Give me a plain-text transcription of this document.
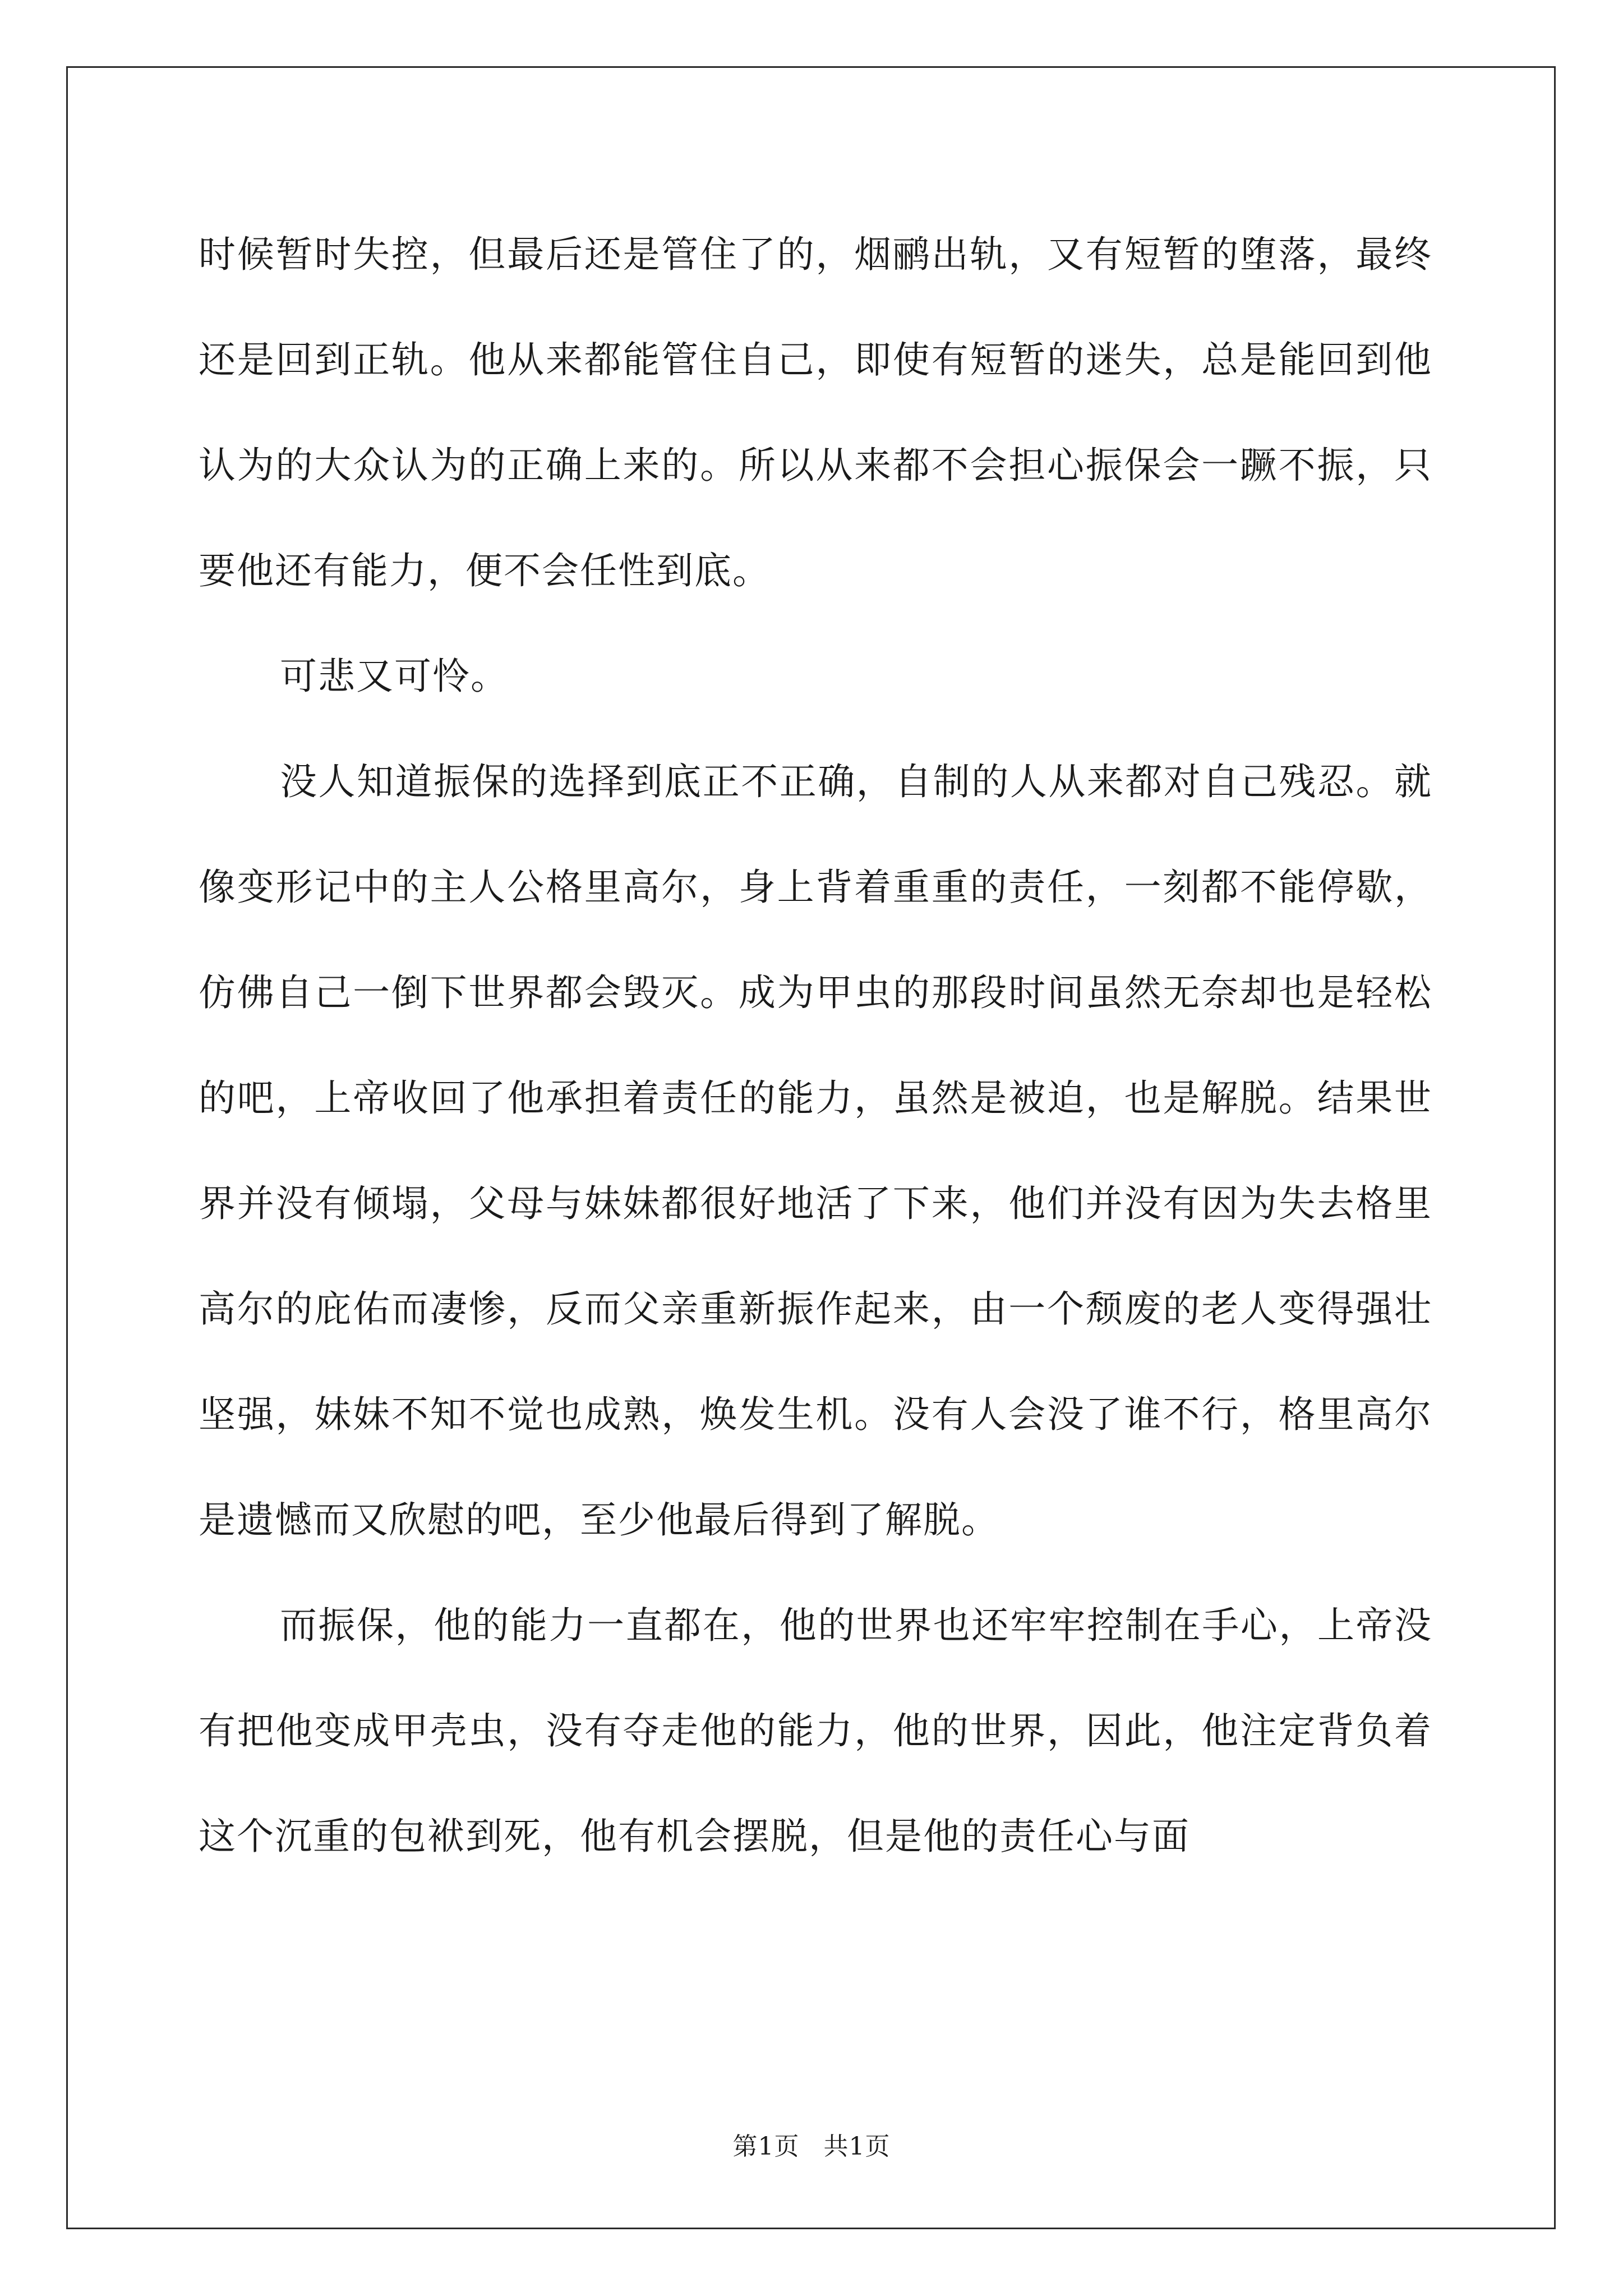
时候暂时失控，但最后还是管住了的，烟鹂出轨，又有短暂的堕落，最终还是回到正轨。他从来都能管住自己，即使有短暂的迷失，总是能回到他认为的大众认为的正确上来的。所以从来都不会担心振保会一蹶不振，只要他还有能力，便不会任性到底。

可悲又可怜。

没人知道振保的选择到底正不正确，自制的人从来都对自己残忍。就像变形记中的主人公格里高尔，身上背着重重的责任，一刻都不能停歇，仿佛自己一倒下世界都会毁灭。成为甲虫的那段时间虽然无奈却也是轻松的吧，上帝收回了他承担着责任的能力，虽然是被迫，也是解脱。结果世界并没有倾塌，父母与妹妹都很好地活了下来，他们并没有因为失去格里高尔的庇佑而凄惨，反而父亲重新振作起来，由一个颓废的老人变得强壮坚强，妹妹不知不觉也成熟，焕发生机。没有人会没了谁不行，格里高尔是遗憾而又欣慰的吧，至少他最后得到了解脱。

而振保，他的能力一直都在，他的世界也还牢牢控制在手心，上帝没有把他变成甲壳虫，没有夺走他的能力，他的世界，因此，他注定背负着这个沉重的包袱到死，他有机会摆脱，但是他的责任心与面

第1页 共1页
